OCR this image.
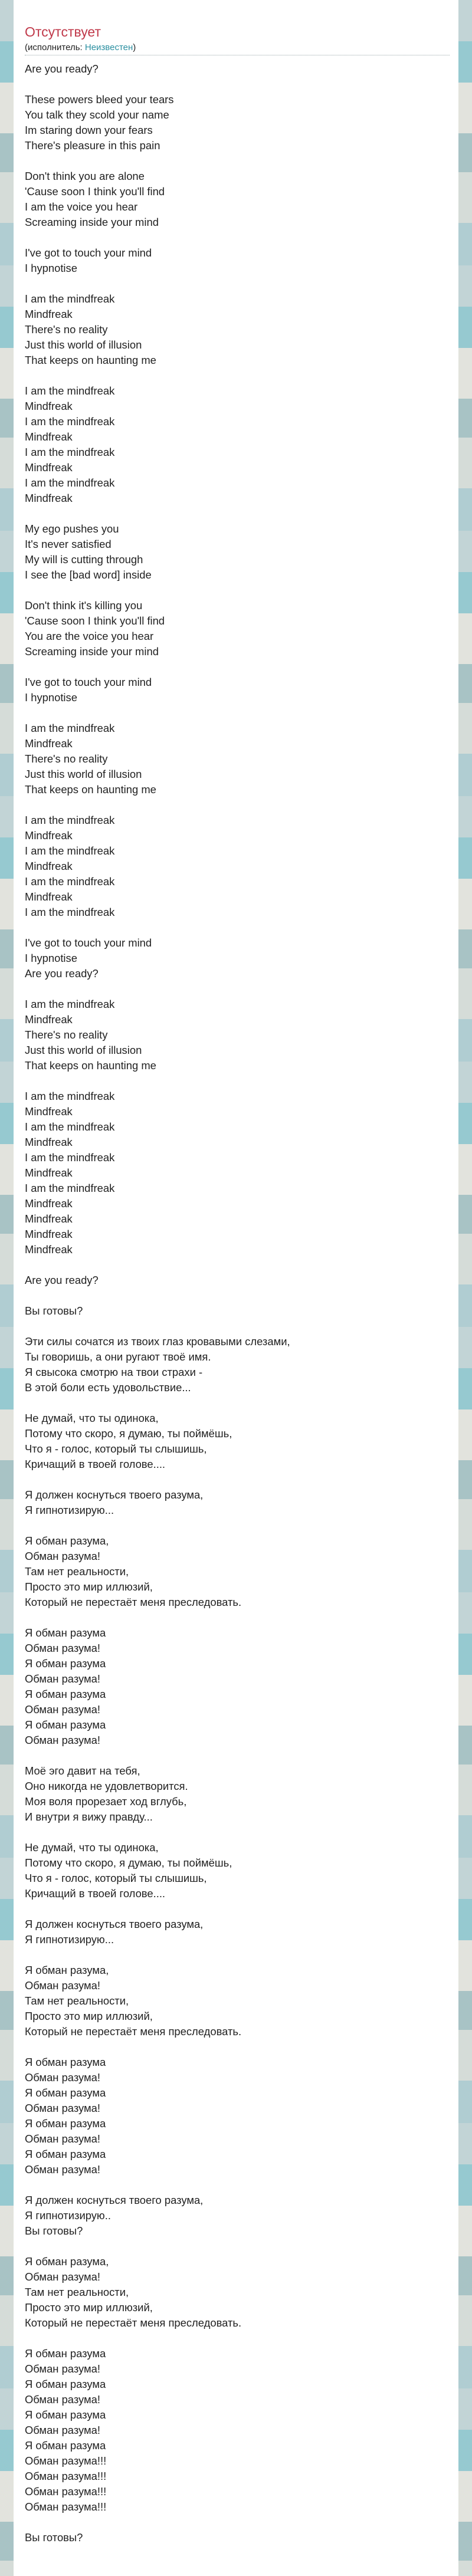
Отсутствует
(исполнитель: Неизвестен)
Are you ready?
These powers bleed your tears
You talk they scold your name
Im staring down your fears
There's pleasure in this pain
Don't think you are alone
'Cause soon I think you'll find
I am the voice you hear
Screaming inside your mind
I've got to touch your mind
I hypnotise
I am the mindfreak
Mindfreak
There's no reality
Just this world of illusion
That keeps on haunting me
I am the mindfreak
Mindfreak
I am the mindfreak
Mindfreak
I am the mindfreak
Mindfreak
I am the mindfreak
Mindfreak
My ego pushes you
It's never satisfied
My will is cutting through
I see the [bad word] inside
Don't think it's killing you
'Cause soon I think you'll find
You are the voice you hear
Screaming inside your mind
I've got to touch your mind
I hypnotise
I am the mindfreak
Mindfreak
There's no reality
Just this world of illusion
That keeps on haunting me
I am the mindfreak
Mindfreak
I am the mindfreak
Mindfreak
I am the mindfreak
Mindfreak
I am the mindfreak
I've got to touch your mind
I hypnotise
Are you ready?
I am the mindfreak
Mindfreak
There's no reality
Just this world of illusion
That keeps on haunting me
I am the mindfreak
Mindfreak
I am the mindfreak
Mindfreak
I am the mindfreak
Mindfreak
I am the mindfreak
Mindfreak
Mindfreak
Mindfreak
Mindfreak
Are you ready?
Вы готовы?
Эти силы сочатся из твоих глаз кровавыми слезами,
Ты говоришь, а они ругают твоё имя.
Я свысока смотрю на твои страхи -
В этой боли есть удовольствие...
Не думай, что ты одинока,
Потому что скоро, я думаю, ты поймёшь,
Что я - голос, который ты слышишь,
Кричащий в твоей голове....
Я должен коснуться твоего разума,
Я гипнотизирую...
Я обман разума,
Обман разума!
Там нет реальности,
Просто это мир иллюзий,
Который не перестаёт меня преследовать.
Я обман разума
Обман разума!
Я обман разума
Обман разума!
Я обман разума
Обман разума!
Я обман разума
Обман разума!
Моё эго давит на тебя,
Оно никогда не удовлетворится.
Моя воля прорезает ход вглубь,
И внутри я вижу правду...
Не думай, что ты одинока,
Потому что скоро, я думаю, ты поймёшь,
Что я - голос, который ты слышишь,
Кричащий в твоей голове....
Я должен коснуться твоего разума,
Я гипнотизирую...
Я обман разума,
Обман разума!
Там нет реальности,
Просто это мир иллюзий,
Который не перестаёт меня преследовать.
Я обман разума
Обман разума!
Я обман разума
Обман разума!
Я обман разума
Обман разума!
Я обман разума
Обман разума!
Я должен коснуться твоего разума,
Я гипнотизирую..
Вы готовы?
Я обман разума,
Обман разума!
Там нет реальности,
Просто это мир иллюзий,
Который не перестаёт меня преследовать.
Я обман разума
Обман разума!
Я обман разума
Обман разума!
Я обман разума
Обман разума!
Я обман разума
Обман разума!!!
Обман разума!!!
Обман разума!!!
Обман разума!!!
Вы готовы?
